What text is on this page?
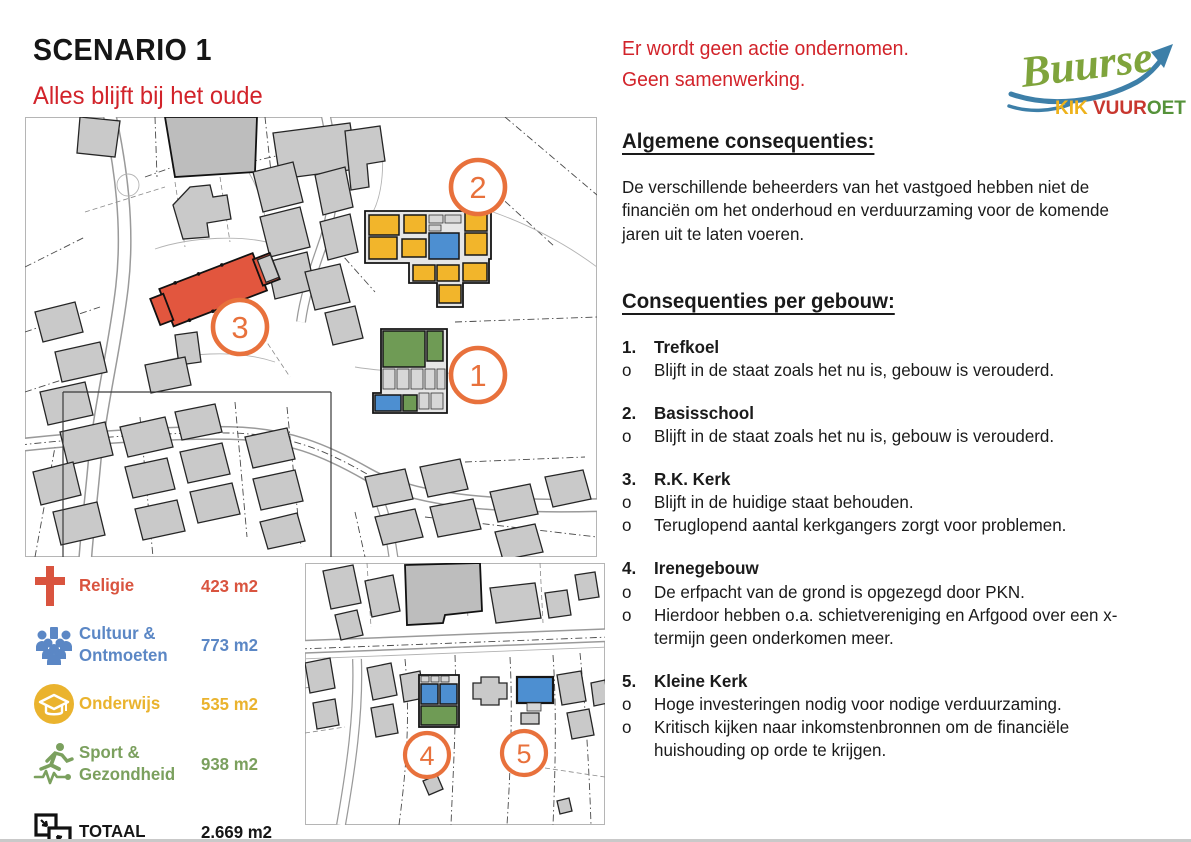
SCENARIO 1
Alles blijft bij het oude
Er wordt geen actie ondernomen.
Geen samenwerking.	Buurse
KIK VUUROET
2
3
1
4	5
Religie	423 m2
Cultuur & Ontmoeten
773 m2
Onderwijs	535 m2
Sport & Gezondheid
938 m2
TOTAAL	2.669 m2
Algemene consequenties:

De verschillende beheerders van het vastgoed hebben niet de financiën om het onderhoud en verduurzaming voor de komende jaren uit te laten voeren.

Consequenties per gebouw:
1.	Trefkoel
o	Blijft in de staat zoals het nu is, gebouw is verouderd.
2.	Basisschool
o	Blijft in de staat zoals het nu is, gebouw is verouderd.
3.	R.K. Kerk
o	Blijft in de huidige staat behouden.
o	Teruglopend aantal kerkgangers zorgt voor problemen.
4.	Irenegebouw
o	De erfpacht van de grond is opgezegd door PKN.
o	Hierdoor hebben o.a. schietvereniging en Arfgood over een x-termijn geen onderkomen meer.
5.	Kleine Kerk
o	Hoge investeringen nodig voor nodige verduurzaming.
o	Kritisch kijken naar inkomstenbronnen om de financiële huishouding op orde te krijgen.
